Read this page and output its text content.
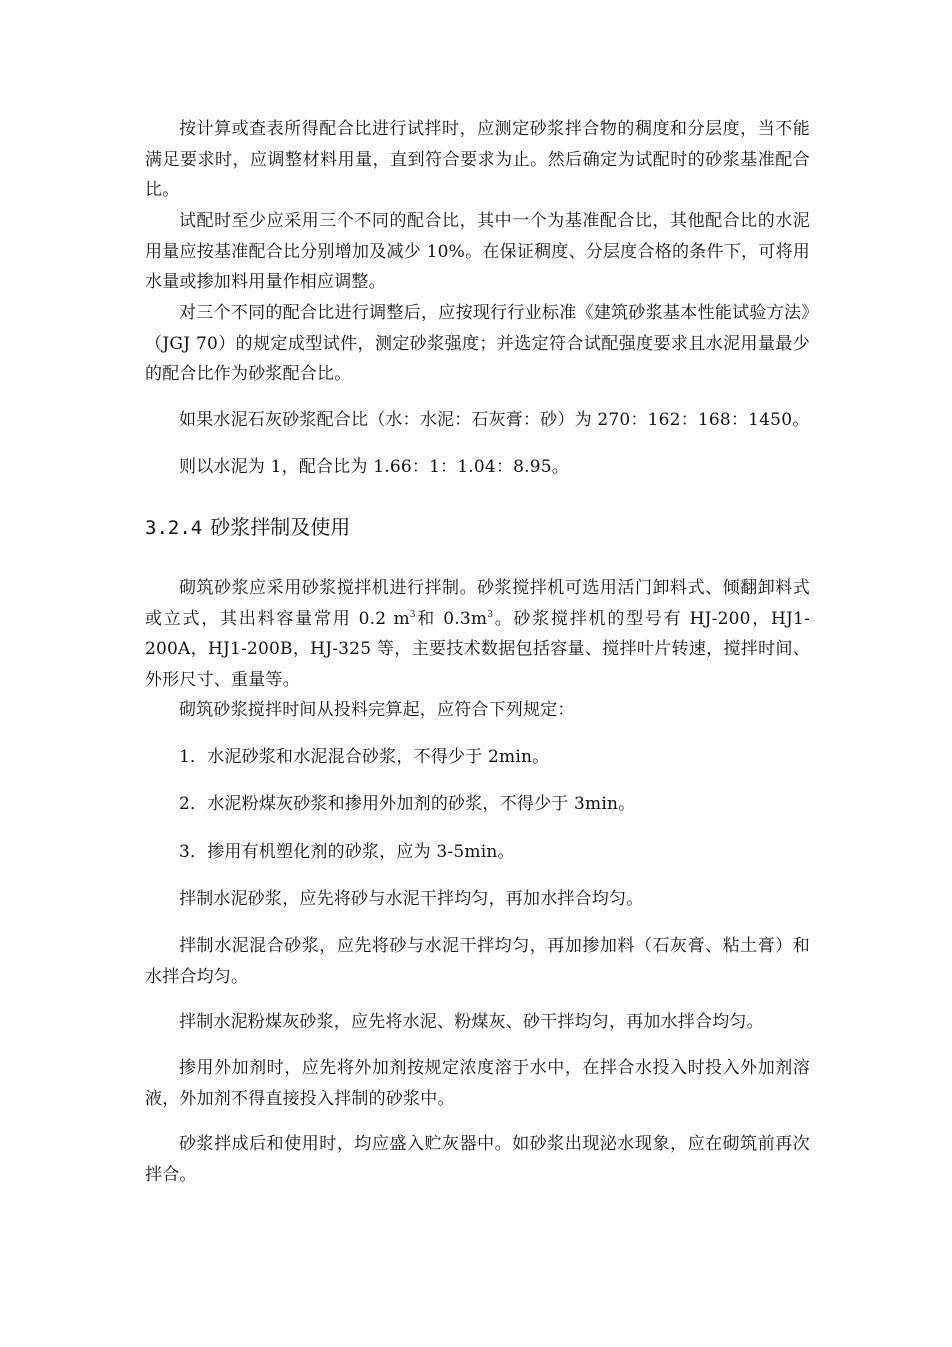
按计算或查表所得配合比进行试拌时，应测定砂浆拌合物的稠度和分层度，当不能满足要求时，应调整材料用量，直到符合要求为止。然后确定为试配时的砂浆基准配合比。

试配时至少应采用三个不同的配合比，其中一个为基准配合比，其他配合比的水泥用量应按基准配合比分别增加及减少 10%。在保证稠度、分层度合格的条件下，可将用水量或掺加料用量作相应调整。

对三个不同的配合比进行调整后，应按现行行业标准《建筑砂浆基本性能试验方法》（JGJ 70）的规定成型试件，测定砂浆强度；并选定符合试配强度要求且水泥用量最少的配合比作为砂浆配合比。

如果水泥石灰砂浆配合比（水：水泥：石灰膏：砂）为 270：162：168：1450。

则以水泥为 1，配合比为 1.66：1：1.04：8.95。

3.2.4 砂浆拌制及使用

砌筑砂浆应采用砂浆搅拌机进行拌制。砂浆搅拌机可选用活门卸料式、倾翻卸料式或立式，其出料容量常用 0.2 $m^3$和 $0.3m^3$。砂浆搅拌机的型号有 HJ-200，HJ1-200A，HJ1-200B，HJ-325 等，主要技术数据包括容量、搅拌叶片转速，搅拌时间、外形尺寸、重量等。

砌筑砂浆搅拌时间从投料完算起，应符合下列规定：

1．水泥砂浆和水泥混合砂浆，不得少于 2min。

2．水泥粉煤灰砂浆和掺用外加剂的砂浆，不得少于 3min。

3．掺用有机塑化剂的砂浆，应为 3-5min。

拌制水泥砂浆，应先将砂与水泥干拌均匀，再加水拌合均匀。

拌制水泥混合砂浆，应先将砂与水泥干拌均匀，再加掺加料（石灰膏、粘土膏）和水拌合均匀。

拌制水泥粉煤灰砂浆，应先将水泥、粉煤灰、砂干拌均匀，再加水拌合均匀。

掺用外加剂时，应先将外加剂按规定浓度溶于水中，在拌合水投入时投入外加剂溶液，外加剂不得直接投入拌制的砂浆中。

砂浆拌成后和使用时，均应盛入贮灰器中。如砂浆出现泌水现象，应在砌筑前再次拌合。
